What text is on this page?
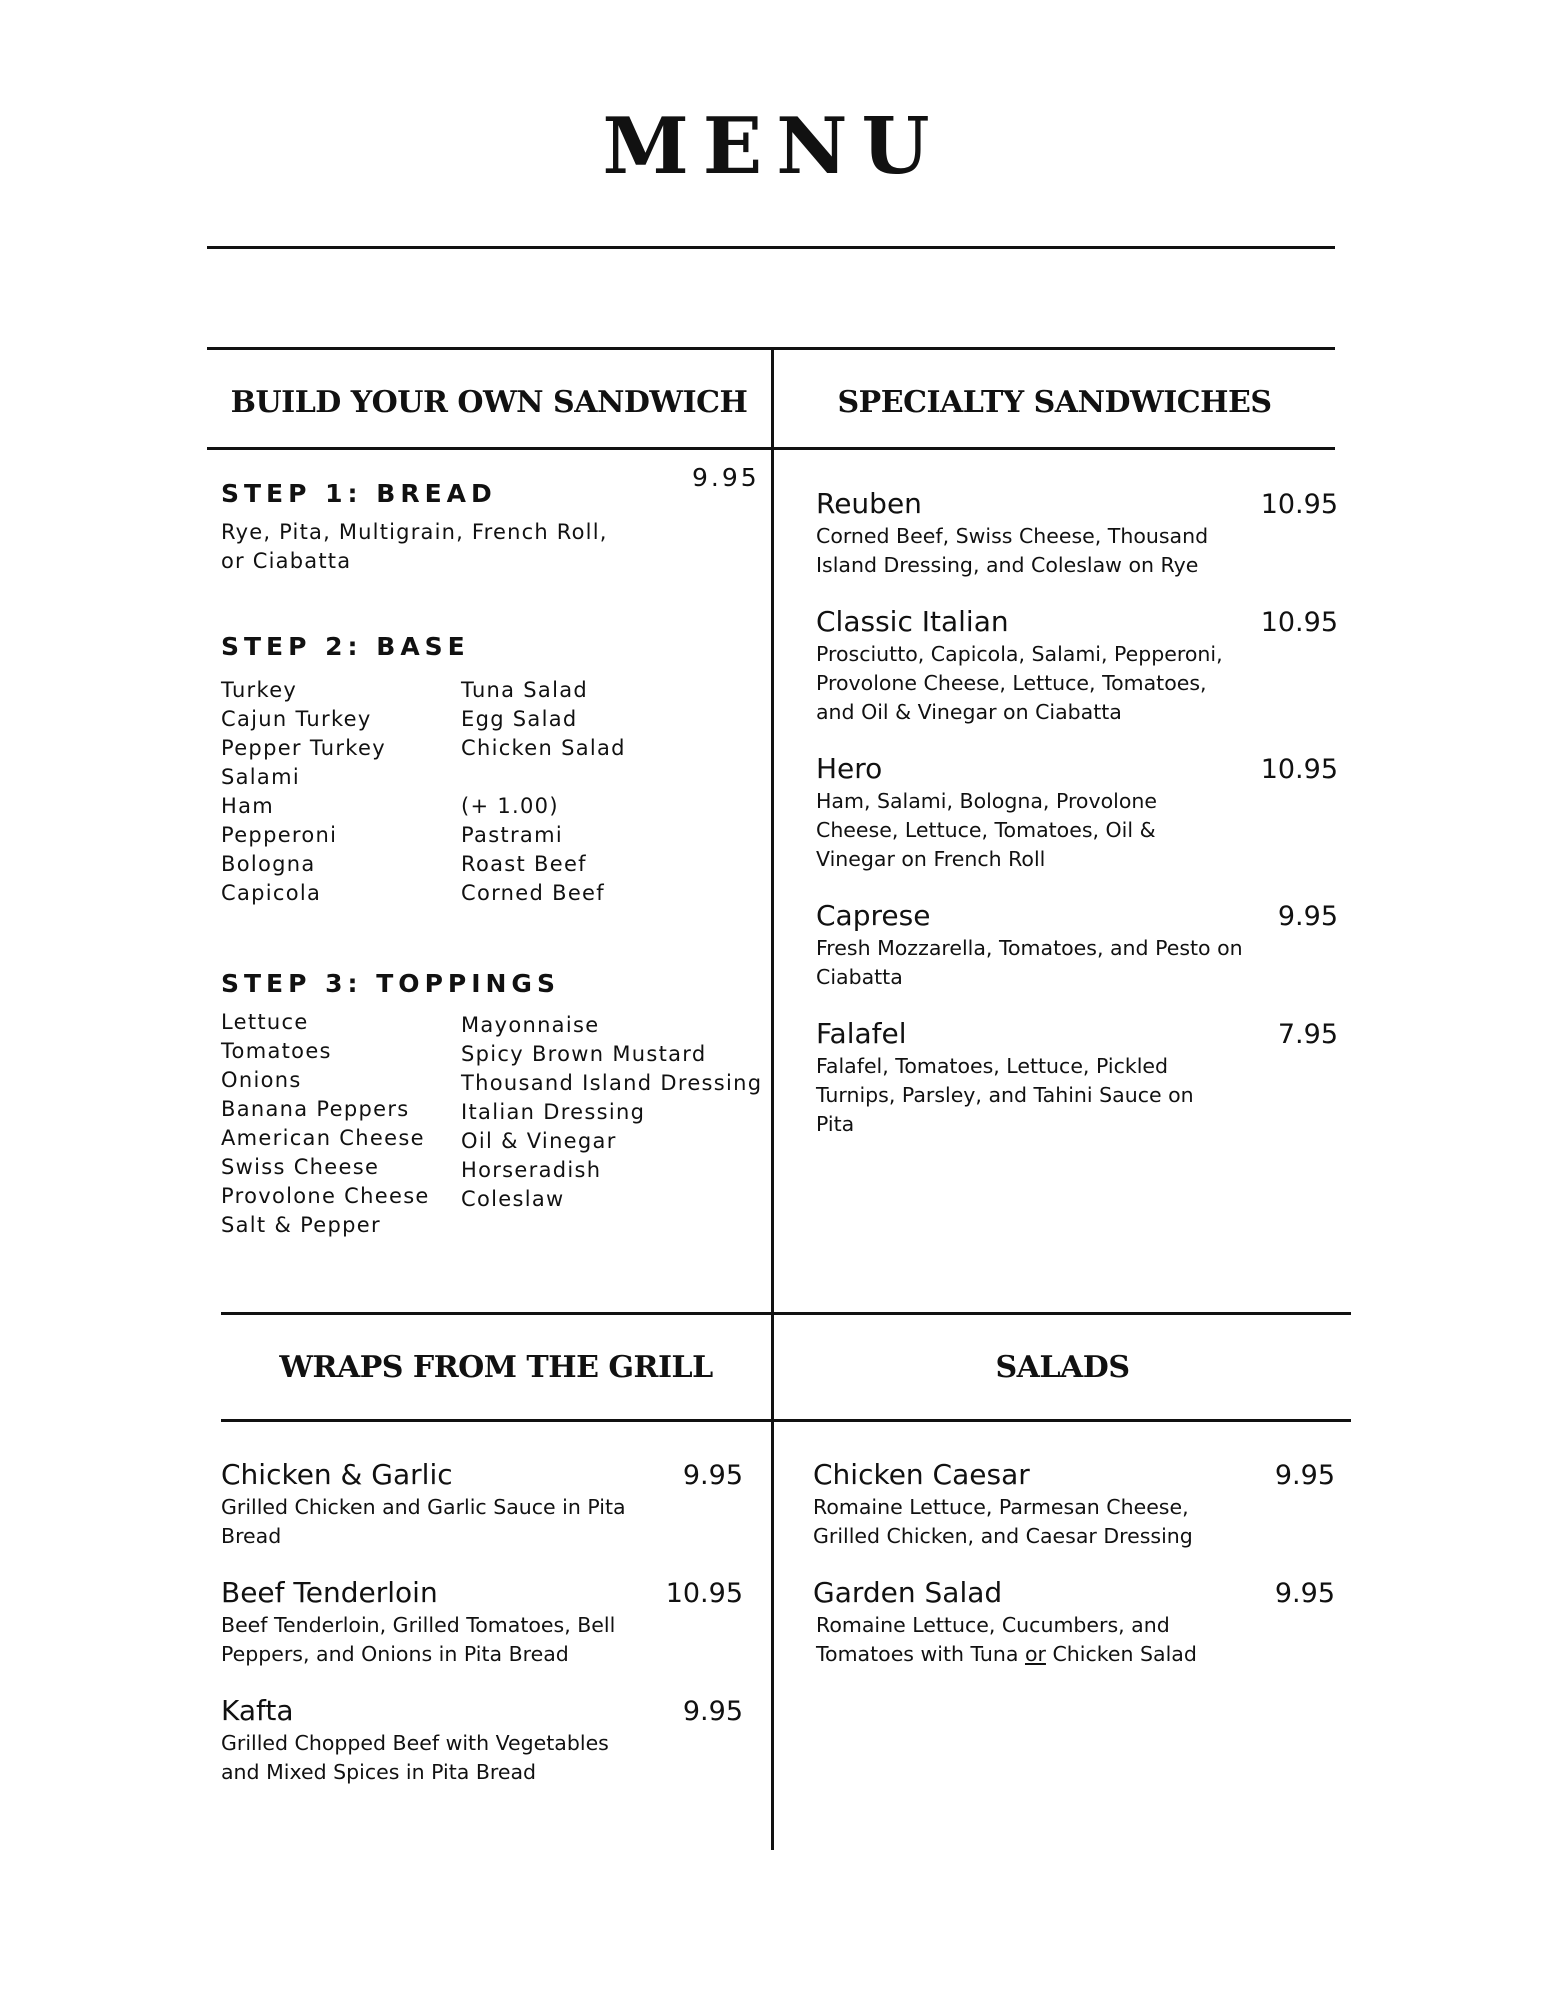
MENU
BUILD YOUR OWN SANDWICH	SPECIALTY SANDWICHES
WRAPS FROM THE GRILL	SALADS
9.95
STEP 1: BREAD
Rye, Pita, Multigrain, French Roll,
or Ciabatta
STEP 2: BASE
Turkey
Cajun Turkey
Pepper Turkey
Salami
Ham
Pepperoni
Bologna
Capicola
Tuna Salad
Egg Salad
Chicken Salad

(+ 1.00)
Pastrami
Roast Beef
Corned Beef
STEP 3: TOPPINGS
Lettuce
Tomatoes
Onions
Banana Peppers
American Cheese
Swiss Cheese
Provolone Cheese
Salt & Pepper
Mayonnaise
Spicy Brown Mustard
Thousand Island Dressing
Italian Dressing
Oil & Vinegar
Horseradish
Coleslaw
Reuben	10.95
Corned Beef, Swiss Cheese, Thousand Island Dressing, and Coleslaw on Rye
Classic Italian	10.95
Prosciutto, Capicola, Salami, Pepperoni, Provolone Cheese, Lettuce, Tomatoes, and Oil & Vinegar on Ciabatta
Hero	10.95
Ham, Salami, Bologna, Provolone Cheese, Lettuce, Tomatoes, Oil & Vinegar on French Roll
Caprese	9.95
Fresh Mozzarella, Tomatoes, and Pesto on Ciabatta
Falafel	7.95
Falafel, Tomatoes, Lettuce, Pickled Turnips, Parsley, and Tahini Sauce on Pita
Chicken & Garlic	9.95
Grilled Chicken and Garlic Sauce in Pita Bread
Beef Tenderloin	10.95
Beef Tenderloin, Grilled Tomatoes, Bell Peppers, and Onions in Pita Bread
Kafta	9.95
Grilled Chopped Beef with Vegetables and Mixed Spices in Pita Bread
Chicken Caesar	9.95
Romaine Lettuce, Parmesan Cheese, Grilled Chicken, and Caesar Dressing
Garden Salad	9.95
Romaine Lettuce, Cucumbers, and Tomatoes with Tuna or Chicken Salad
